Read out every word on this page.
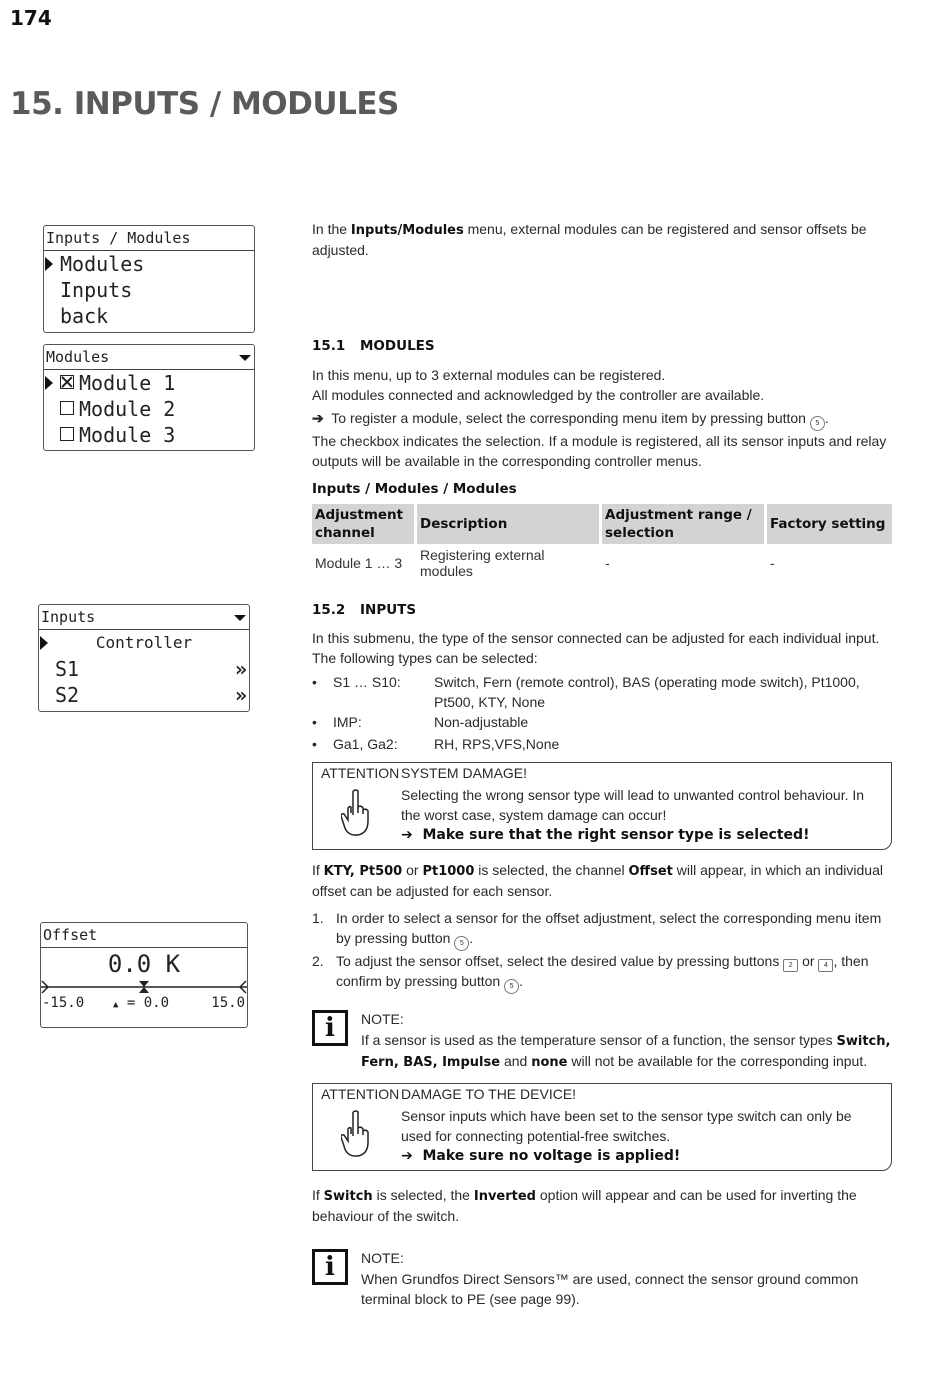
174
15. INPUTS / MODULES
Inputs / Modules
Modules
Inputs
back
Modules
Module 1
Module 2
Module 3
Inputs
Controller
S1	»
S2	»
Offset
0.0 K
-15.0	▲ = 0.0	15.0
In the Inputs/Modules menu, external modules can be registered and sensor offsets be adjusted.
15.1 MODULES
In this menu, up to 3 external modules can be registered.
All modules connected and acknowledged by the controller are available.
➔ To register a module, select the corresponding menu item by pressing button 5 .
The checkbox indicates the selection. If a module is registered, all its sensor inputs and relay outputs will be available in the corresponding controller menus.
Inputs / Modules / Modules
Adjustment channel	Description	Adjustment range / selection	Factory setting
Module 1 … 3	Registering external modules	-	-
15.2 INPUTS
In this submenu, the type of the sensor connected can be adjusted for each individual input. The following types can be selected:
• S1 … S10: Switch, Fern (remote control), BAS (operating mode switch), Pt1000, Pt500, KTY, None
• IMP:	Non-adjustable
• Ga1, Ga2:	RH, RPS,VFS,None
ATTENTION SYSTEM DAMAGE!
Selecting the wrong sensor type will lead to unwanted control behaviour. In the worst case, system damage can occur!
➔ Make sure that the right sensor type is selected!
If KTY, Pt500 or Pt1000 is selected, the channel Offset will appear, in which an individual offset can be adjusted for each sensor.
1. In order to select a sensor for the offset adjustment, select the corresponding menu item by pressing button 5 .
2. To adjust the sensor offset, select the desired value by pressing buttons 2 or 4 , then confirm by pressing button 5 .
i	NOTE:
If a sensor is used as the temperature sensor of a function, the sensor types Switch, Fern, BAS, Impulse and none will not be available for the corresponding input.
ATTENTION DAMAGE TO THE DEVICE!
Sensor inputs which have been set to the sensor type switch can only be used for connecting potential-free switches.
➔ Make sure no voltage is applied!
If Switch is selected, the Inverted option will appear and can be used for inverting the behaviour of the switch.
i	NOTE:
When Grundfos Direct Sensors™ are used, connect the sensor ground common terminal block to PE (see page 99).
